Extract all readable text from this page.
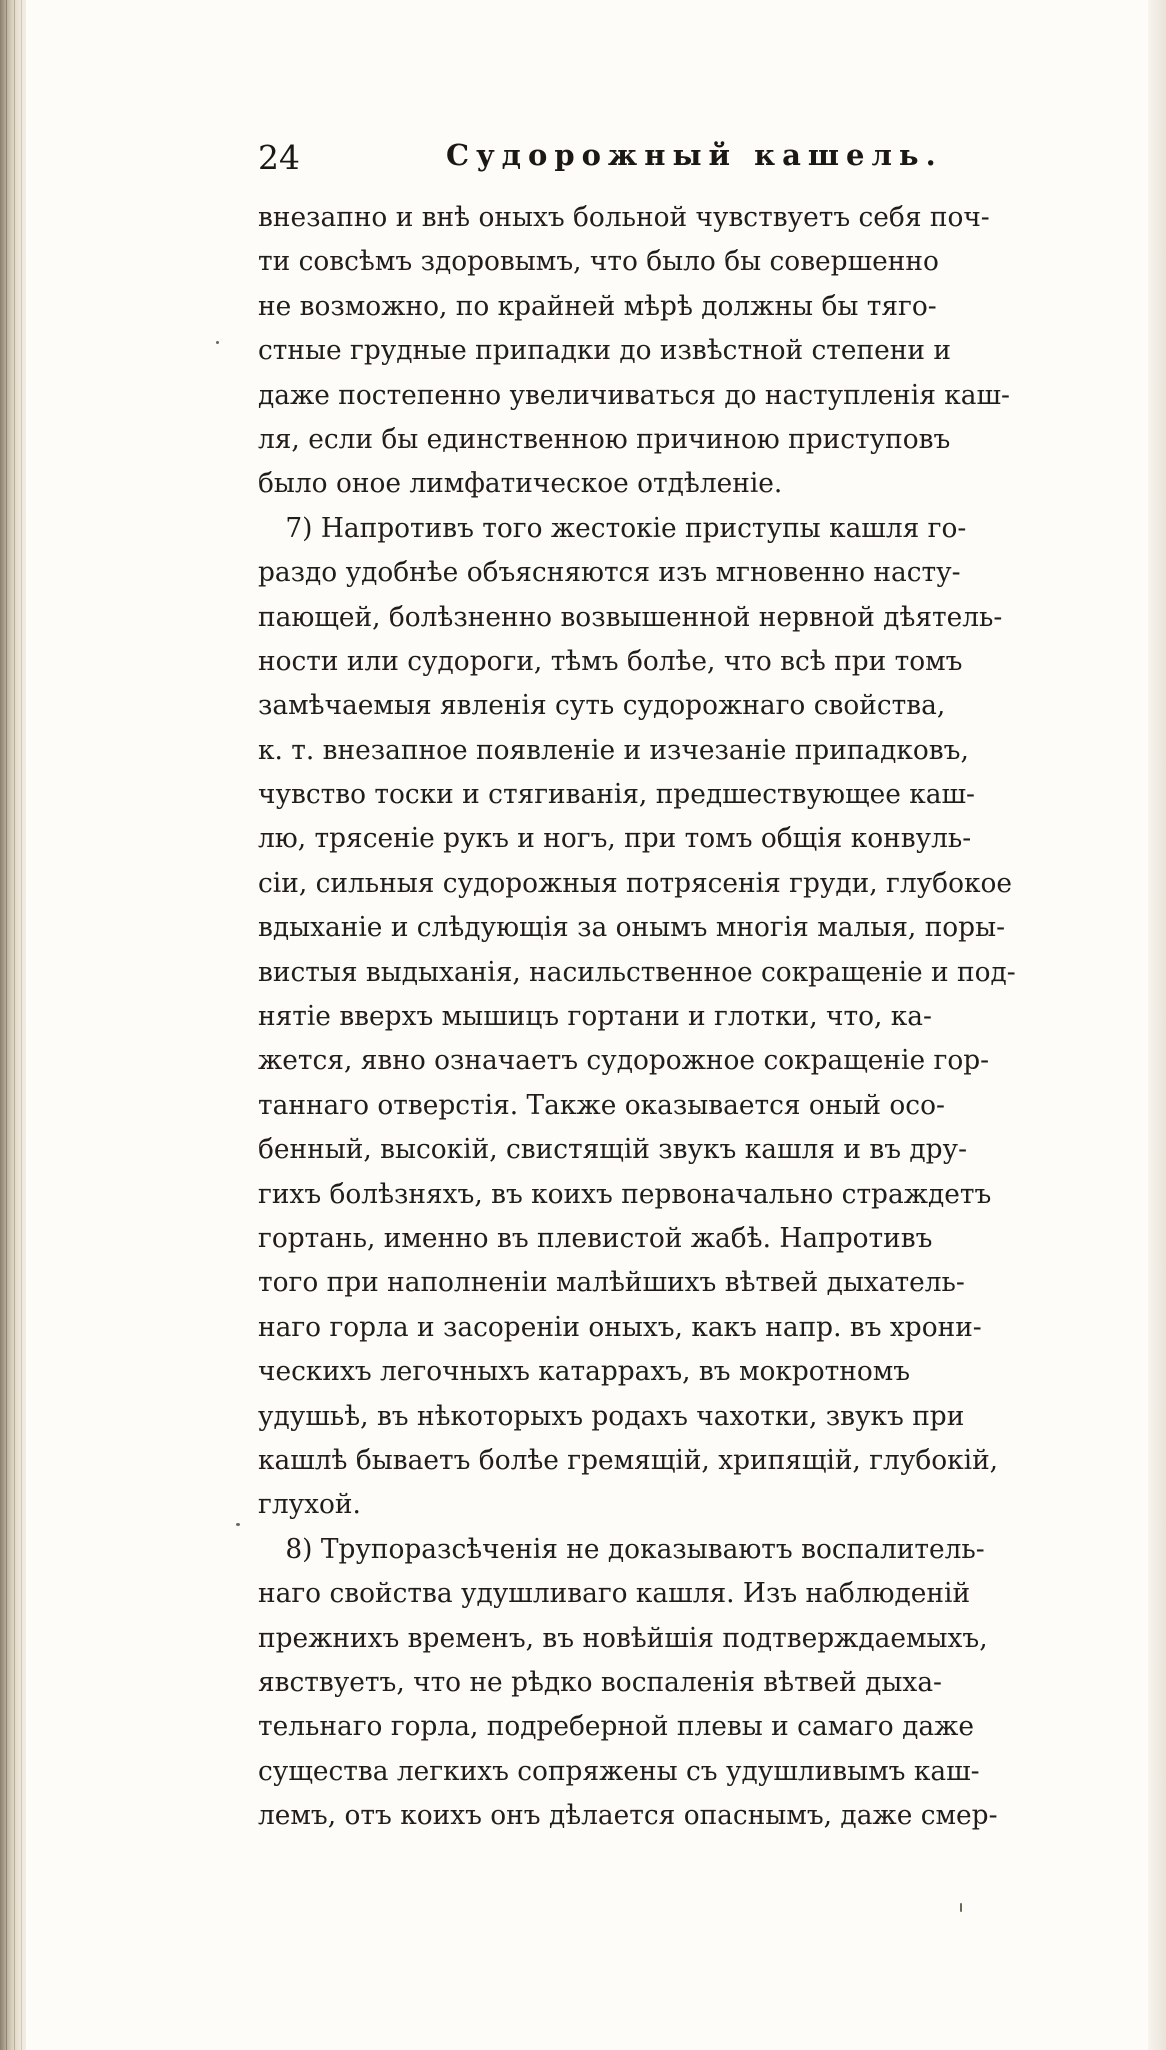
24	Судорожный кашель.
внезапно и внѣ оныхъ больной чувствуетъ себя поч-
ти совсѣмъ здоровымъ, что было бы совершенно
не возможно, по крайней мѣрѣ должны бы тяго-
стные грудные припадки до извѣстной степени и
даже постепенно увеличиваться до наступленія каш-
ля, если бы единственною причиною приступовъ
было оное лимфатическое отдѣленіе.
7) Напротивъ того жестокіе приступы кашля го-
раздо удобнѣе объясняются изъ мгновенно насту-
пающей, болѣзненно возвышенной нервной дѣятель-
ности или судороги, тѣмъ болѣе, что всѣ при томъ
замѣчаемыя явленія суть судорожнаго свойства,
к. т. внезапное появленіе и изчезаніе припадковъ,
чувство тоски и стягиванія, предшествующее каш-
лю, трясеніе рукъ и ногъ, при томъ общія конвуль-
сіи, сильныя судорожныя потрясенія груди, глубокое
вдыханіе и слѣдующія за онымъ многія малыя, поры-
вистыя выдыханія, насильственное сокращеніе и под-
нятіе вверхъ мышицъ гортани и глотки, что, ка-
жется, явно означаетъ судорожное сокращеніе гор-
таннаго отверстія. Также оказывается оный осо-
бенный, высокій, свистящій звукъ кашля и въ дру-
гихъ болѣзняхъ, въ коихъ первоначально страждетъ
гортань, именно въ плевистой жабѣ. Напротивъ
того при наполненіи малѣйшихъ вѣтвей дыхатель-
наго горла и засореніи оныхъ, какъ напр. въ хрони-
ческихъ легочныхъ катаррахъ, въ мокротномъ
удушьѣ, въ нѣкоторыхъ родахъ чахотки, звукъ при
кашлѣ бываетъ болѣе гремящій, хрипящій, глубокій,
глухой.
8) Трупоразсѣченія не доказываютъ воспалитель-
наго свойства удушливаго кашля. Изъ наблюденій
прежнихъ временъ, въ новѣйшія подтверждаемыхъ,
явствуетъ, что не рѣдко воспаленія вѣтвей дыха-
тельнаго горла, подреберной плевы и самаго даже
существа легкихъ сопряжены съ удушливымъ каш-
лемъ, отъ коихъ онъ дѣлается опаснымъ, даже смер-
